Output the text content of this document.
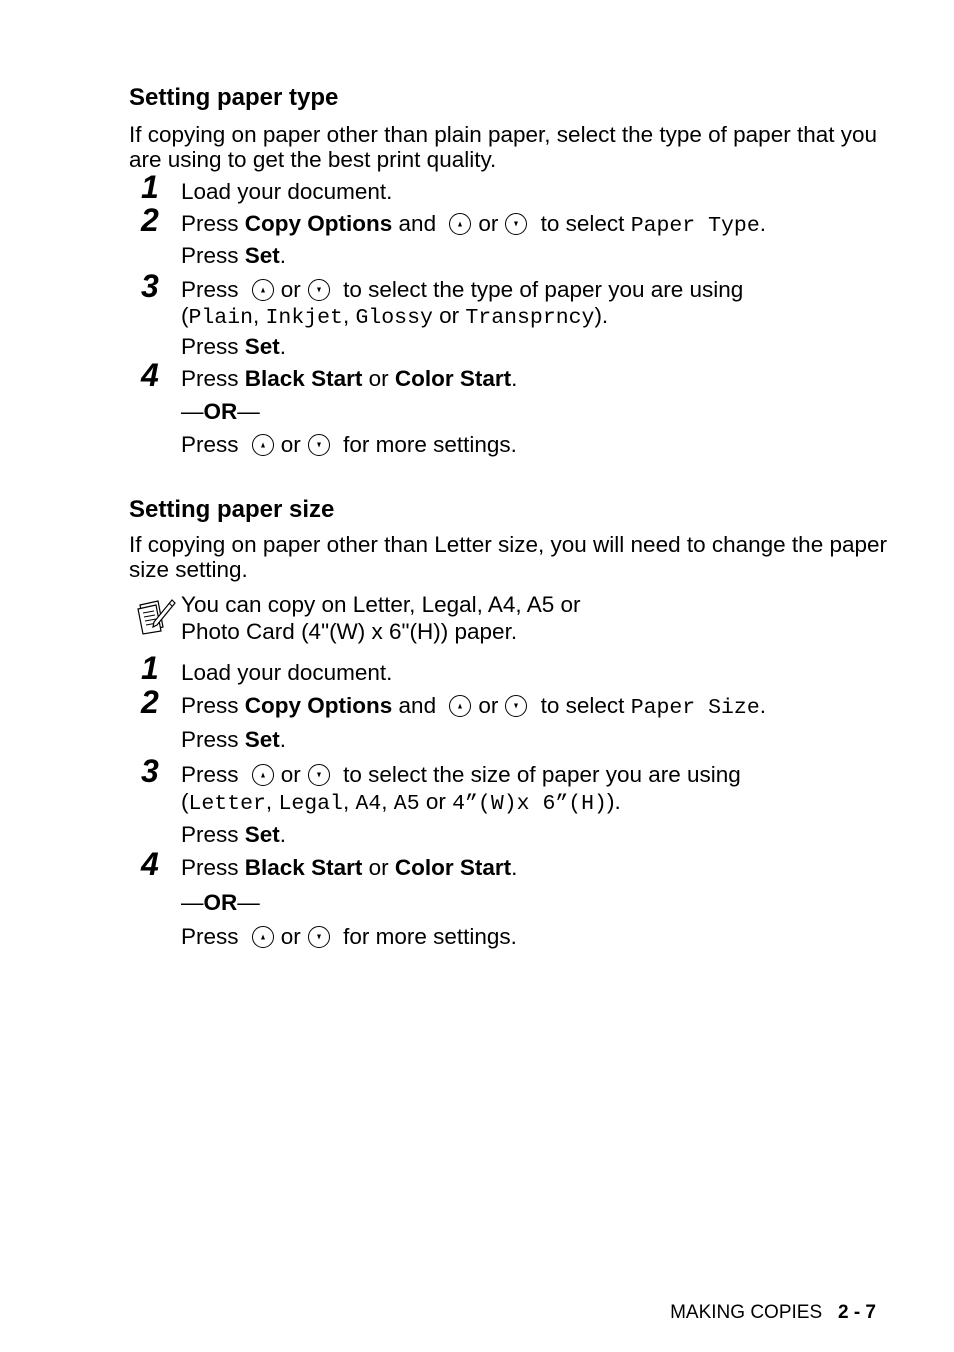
Setting paper type
If copying on paper other than plain paper, select the type of paper that you are using to get the best print quality.
1 Load your document.
2 Press Copy Options and or to select Paper Type.
Press Set.
3 Press or to select the type of paper you are using
(Plain, Inkjet, Glossy or Transprncy).
Press Set.
4 Press Black Start or Color Start.
—OR—
Press or for more settings.
Setting paper size
If copying on paper other than Letter size, you will need to change the paper size setting.
You can copy on Letter, Legal, A4, A5 or
Photo Card (4"(W) x 6"(H)) paper.
1 Load your document.
2 Press Copy Options and or to select Paper Size.
Press Set.
3 Press or to select the size of paper you are using
(Letter, Legal, A4, A5 or 4”(W)x 6”(H)).
Press Set.
4 Press Black Start or Color Start.
—OR—
Press or for more settings.
MAKING COPIES 2 - 7
